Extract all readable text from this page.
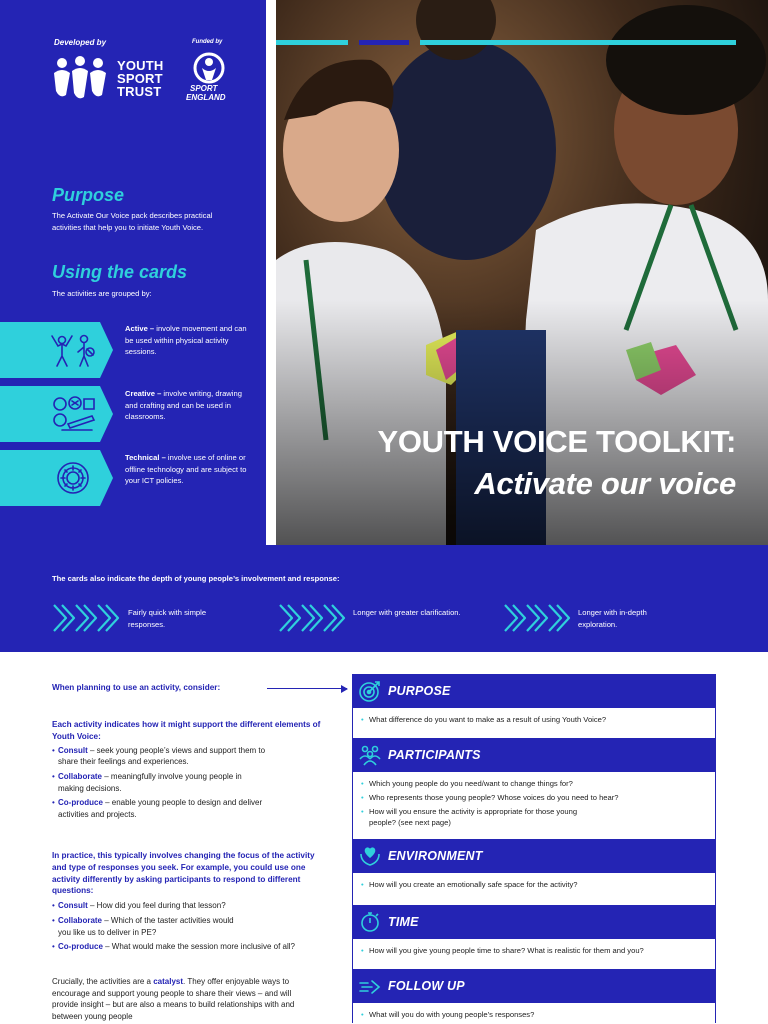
Developed by	Funded by
YOUTH
SPORT
TRUST	SPORT
ENGLAND
Purpose
The Activate Our Voice pack describes practical activities that help you to initiate Youth Voice.
Using the cards
The activities are grouped by:
Active – involve movement and can be used within physical activity sessions.
Creative – involve writing, drawing and crafting and can be used in classrooms.
Technical – involve use of online or offline technology and are subject to your ICT policies.
YOUTH VOICE TOOLKIT:
Activate our voice
The cards also indicate the depth of young people’s involvement and response:
Fairly quick with simple responses.
Longer with greater clarification.	Longer with in-depth exploration.
When planning to use an activity, consider:
Each activity indicates how it might support the different elements of Youth Voice:
• Consult – seek young people’s views and support them to share their feelings and experiences.
• Collaborate – meaningfully involve young people in making decisions.
• Co-produce – enable young people to design and deliver activities and projects.
In practice, this typically involves changing the focus of the activity and type of responses you seek. For example, you could use one activity differently by asking participants to respond to different questions:
• Consult – How did you feel during that lesson?
• Collaborate – Which of the taster activities would you like us to deliver in PE?
• Co-produce – What would make the session more inclusive of all?
Crucially, the activities are a catalyst. They offer enjoyable ways to encourage and support young people to share their views – and will provide insight – but are also a means to build relationships with and between young people
PURPOSE
• What difference do you want to make as a result of using Youth Voice?
PARTICIPANTS
• Which young people do you need/want to change things for?
• Who represents those young people? Whose voices do you need to hear?
• How will you ensure the activity is appropriate for those young people? (see next page)
ENVIRONMENT
• How will you create an emotionally safe space for the activity?
TIME
• How will you give young people time to share? What is realistic for them and you?
FOLLOW UP
• What will you do with young people’s responses?
